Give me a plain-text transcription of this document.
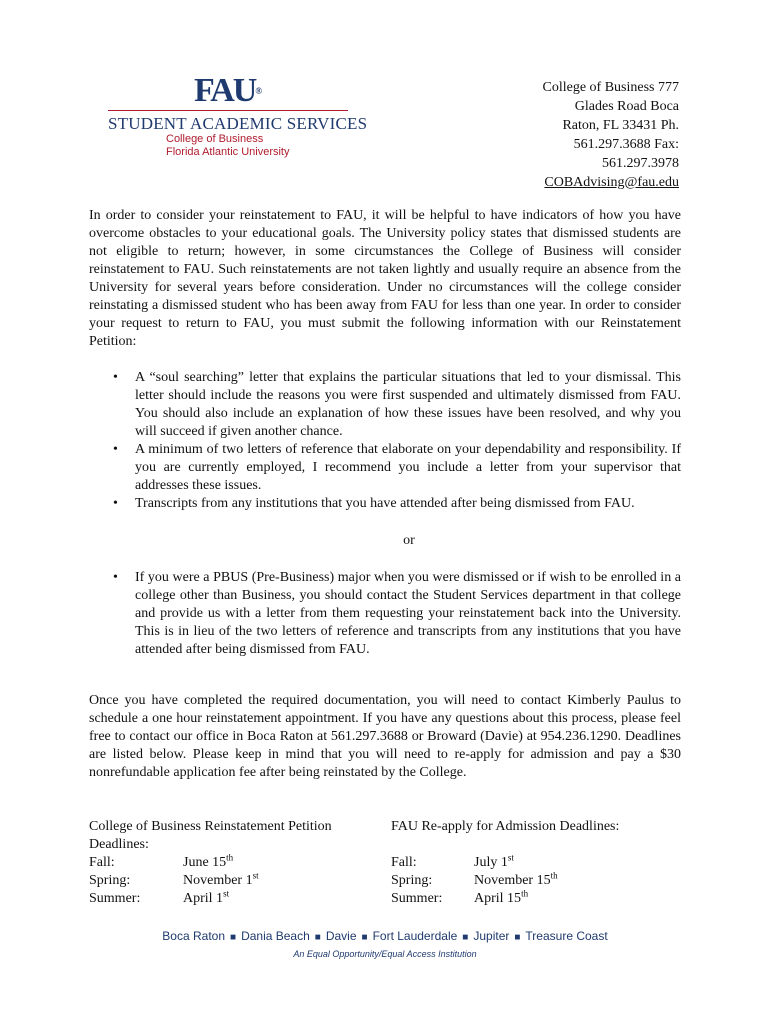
FAU®
STUDENT ACADEMIC SERVICES
College of Business
Florida Atlantic University
College of Business 777
Glades Road Boca
Raton, FL 33431 Ph.
561.297.3688 Fax:
561.297.3978
COBAdvising@fau.edu

In order to consider your reinstatement to FAU, it will be helpful to have indicators of how you have overcome obstacles to your educational goals. The University policy states that dismissed students are not eligible to return; however, in some circumstances the College of Business will consider reinstatement to FAU. Such reinstatements are not taken lightly and usually require an absence from the University for several years before consideration. Under no circumstances will the college consider reinstating a dismissed student who has been away from FAU for less than one year. In order to consider your request to return to FAU, you must submit the following information with our Reinstatement Petition:

• A “soul searching” letter that explains the particular situations that led to your dismissal. This letter should include the reasons you were first suspended and ultimately dismissed from FAU. You should also include an explanation of how these issues have been resolved, and why you will succeed if given another chance.
• A minimum of two letters of reference that elaborate on your dependability and responsibility. If you are currently employed, I recommend you include a letter from your supervisor that addresses these issues.
• Transcripts from any institutions that you have attended after being dismissed from FAU.
or
• If you were a PBUS (Pre-Business) major when you were dismissed or if wish to be enrolled in a college other than Business, you should contact the Student Services department in that college and provide us with a letter from them requesting your reinstatement back into the University. This is in lieu of the two letters of reference and transcripts from any institutions that you have attended after being dismissed from FAU.

Once you have completed the required documentation, you will need to contact Kimberly Paulus to schedule a one hour reinstatement appointment. If you have any questions about this process, please feel free to contact our office in Boca Raton at 561.297.3688 or Broward (Davie) at 954.236.1290. Deadlines are listed below. Please keep in mind that you will need to re-apply for admission and pay a $30 nonrefundable application fee after being reinstated by the College.

College of Business Reinstatement Petition Deadlines:
Fall:	June 15th
Spring:	November 1st
Summer:	April 1st
FAU Re-apply for Admission Deadlines:
Fall:	July 1st
Spring:	November 15th
Summer:	April 15th
Boca Raton ■ Dania Beach ■ Davie ■ Fort Lauderdale ■ Jupiter ■ Treasure Coast
An Equal Opportunity/Equal Access Institution
